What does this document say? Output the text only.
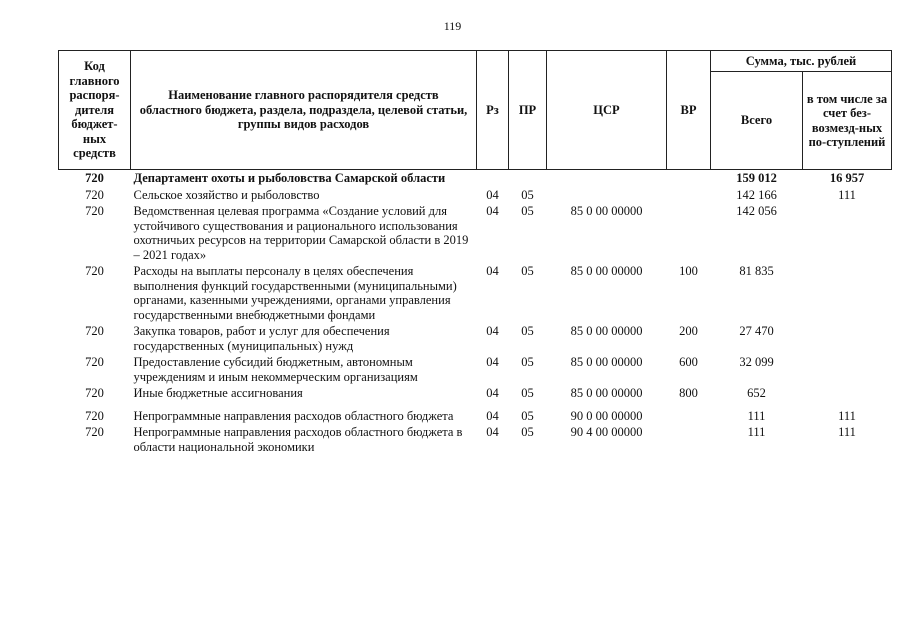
119
Код главного распоря-дителя бюджет-ных средств	Наименование главного распорядителя средств областного бюджета, раздела, подраздела, целевой статьи, группы видов расходов	Рз	ПР	ЦСР	ВР	Сумма, тыс. рублей	
						Всего	в том числе за счет без-возмезд-ных по-ступлений
720	Департамент охоты и рыболовства Самарской области					159 012	16 957
720	Сельское хозяйство и рыболовство	04	05			142 166	111
720	Ведомственная целевая программа «Создание условий для устойчивого существования и рационального использования охотничьих ресурсов на территории Самарской области в 2019 – 2021 годах»	04	05	85 0 00 00000		142 056	
720	Расходы на выплаты персоналу в целях обеспечения выполнения функций государственными (муниципальными) органами, казенными учреждениями, органами управления государственными внебюджетными фондами	04	05	85 0 00 00000	100	81 835	
720	Закупка товаров, работ и услуг для обеспечения государственных (муниципальных) нужд	04	05	85 0 00 00000	200	27 470	
720	Предоставление субсидий бюджетным, автономным учреждениям и иным некоммерческим организациям	04	05	85 0 00 00000	600	32 099	
720	Иные бюджетные ассигнования	04	05	85 0 00 00000	800	652	
720	Непрограммные направления расходов областного бюджета	04	05	90 0 00 00000		111	111
720	Непрограммные направления расходов областного бюджета в области национальной экономики	04	05	90 4 00 00000		111	111
